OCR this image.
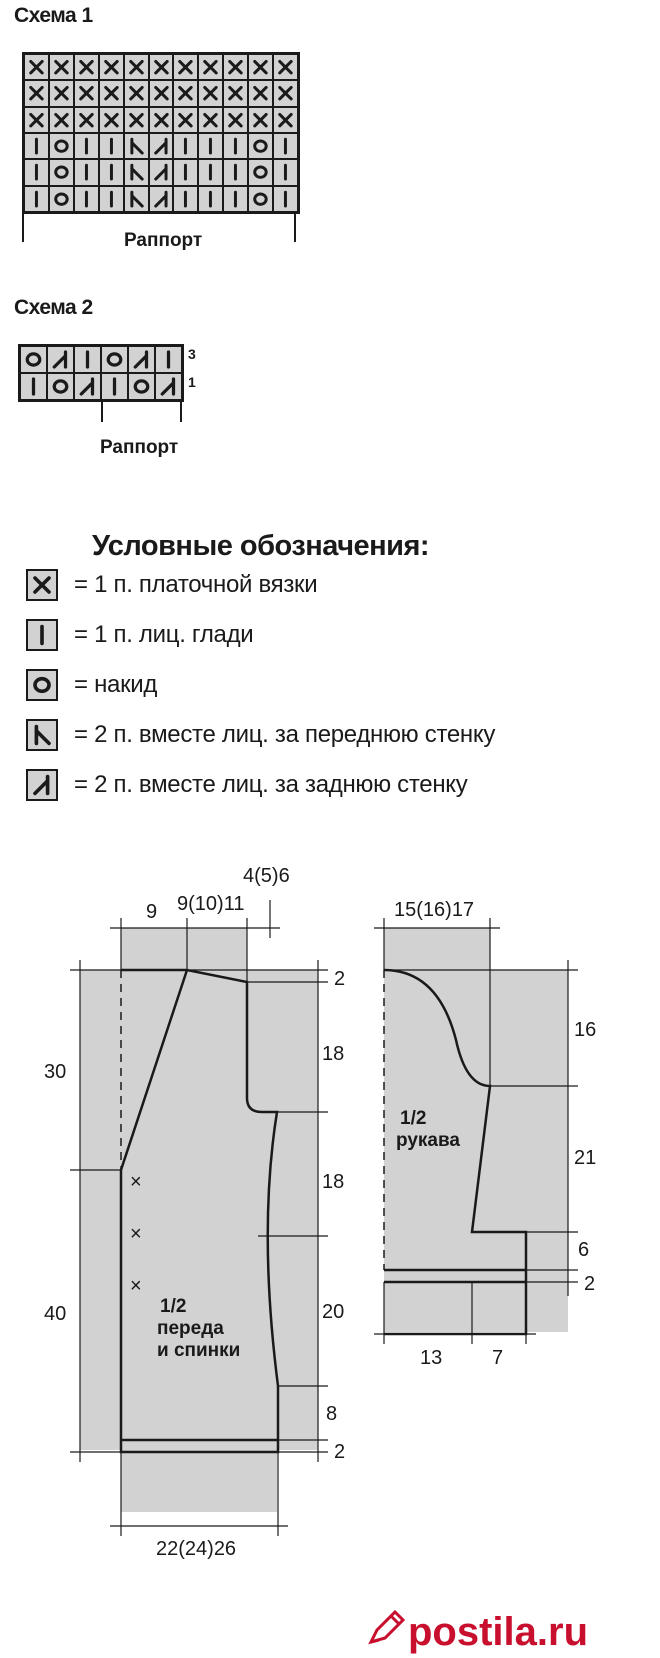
Схема 1
Раппорт
Схема 2
3
1
Раппорт
Условные обозначения:
= 1 п. платочной вязки
= 1 п. лиц. глади
= накид
= 2 п. вместе лиц. за переднюю стенку
= 2 п. вместе лиц. за заднюю стенку
×
×
×
9 9(10)11
4(5)6
30
40
2
18
18
20
8
2
22(24)26
1/2
переда
и спинки
15(16)17
16
21
6
2
13 7
1/2
рукава
postila.ru
